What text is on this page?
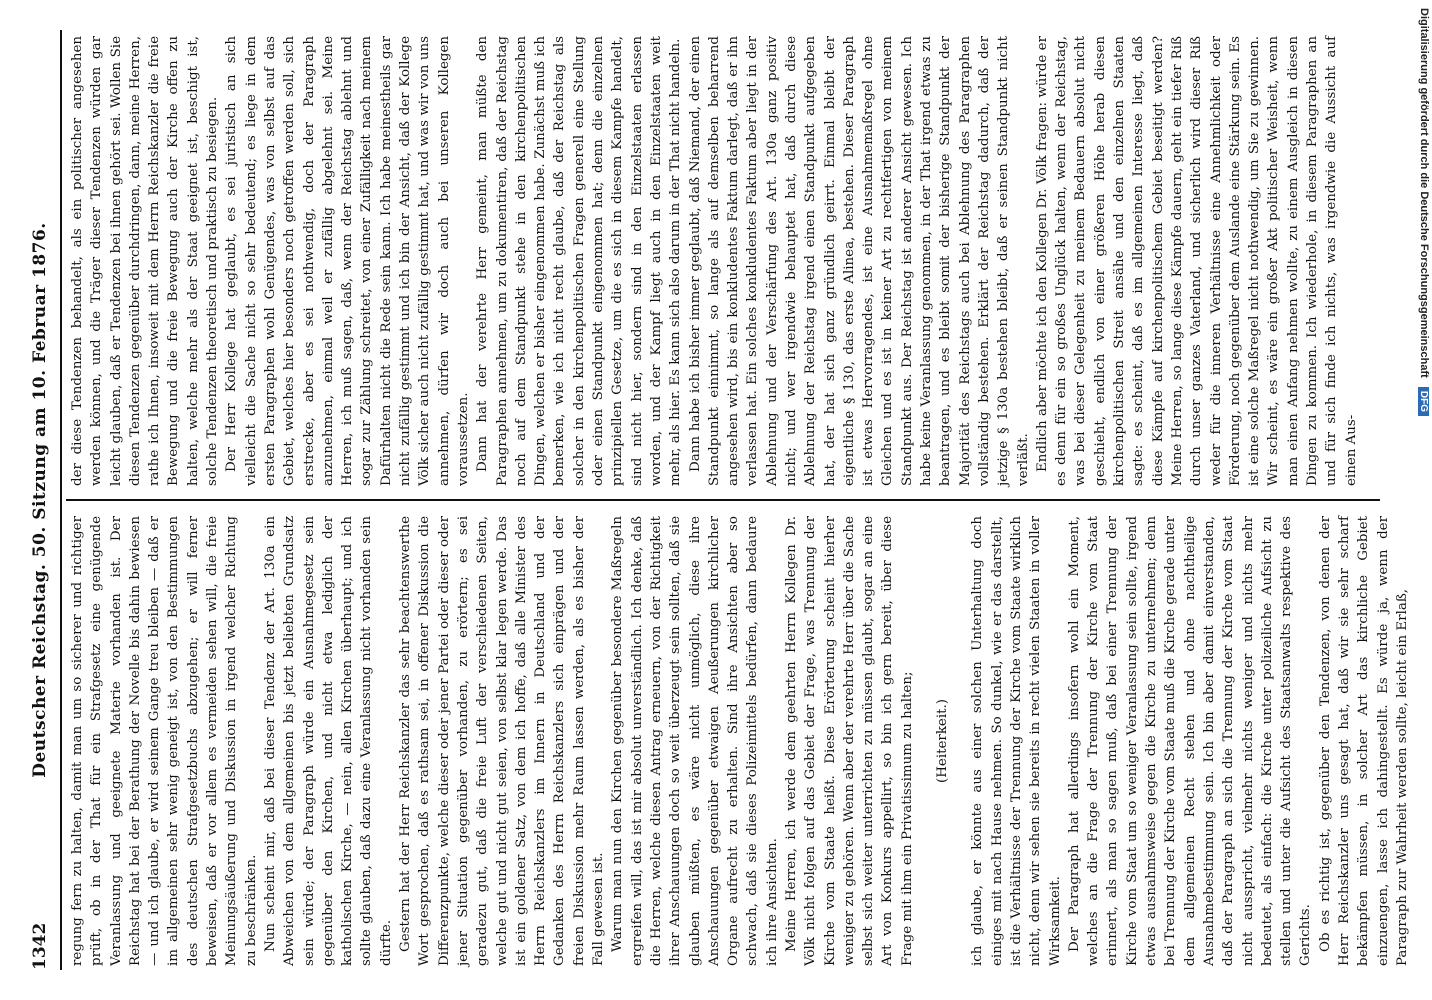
1342
Deutscher Reichstag. 50. Sitzung am 10. Februar 1876. regung fern zu halten, damit man um so sicherer und richtiger prüft, ob in der That für ein Strafgesetz eine genügende Veranlassung und geeignete Materie vorhanden ist. Der Reichstag hat bei der Berathung der Novelle bis dahin bewiesen — und ich glaube, er wird seinem Gange treu bleiben — daß er im allgemeinen sehr wenig geneigt ist, von den Bestimmungen des deutschen Strafgesetzbuchs abzugehen; er will ferner beweisen, daß er vor allem es vermeiden sehen will, die freie Meinungsäußerung und Diskussion in irgend welcher Richtung zu beschränken. Nun scheint mir, daß bei dieser Tendenz der Art. 130a ein Abweichen von dem allgemeinen bis jetzt beliebten Grundsatz sein würde; der Paragraph würde ein Ausnahmegesetz sein gegenüber den Kirchen, und nicht etwa lediglich der katholischen Kirche, — nein, allen Kirchen überhaupt; und ich sollte glauben, daß dazu eine Veranlassung nicht vorhanden sein dürfte. Gestern hat der Herr Reichskanzler das sehr beachtenswerthe Wort gesprochen, daß es rathsam sei, in offener Diskussion die Differenzpunkte, welche dieser oder jener Partei oder dieser oder jener Situation gegenüber vorhanden, zu erörtern; es sei geradezu gut, daß die freie Luft der verschiedenen Seiten, welche gut und nicht gut seien, von selbst klar legen werde. Das ist ein goldener Satz, von dem ich hoffe, daß alle Minister des Herrn Reichskanzlers im Innern in Deutschland und der Gedanken des Herrn Reichskanzlers sich einprägen und der freien Diskussion mehr Raum lassen werden, als es bisher der Fall gewesen ist. Warum man nun den Kirchen gegenüber besondere Maßregeln ergreifen will, das ist mir absolut unverständlich. Ich denke, daß die Herren, welche diesen Antrag erneuern, von der Richtigkeit ihrer Anschauungen doch so weit überzeugt sein sollten, daß sie glauben müßten, es wäre nicht unmöglich, diese ihre Anschauungen gegenüber etwaigen Aeußerungen kirchlicher Organe aufrecht zu erhalten. Sind ihre Ansichten aber so schwach, daß sie dieses Polizeimittels bedürfen, dann bedaure ich ihre Ansichten. Meine Herren, ich werde dem geehrten Herrn Kollegen Dr. Völk nicht folgen auf das Gebiet der Frage, was Trennung der Kirche vom Staate heißt. Diese Erörterung scheint hierher weniger zu gehören. Wenn aber der verehrte Herr über die Sache selbst sich weiter unterrichten zu müssen glaubt, sogar an eine Art von Konkurs appellirt, so bin ich gern bereit, über diese Frage mit ihm ein Privatissimum zu halten; (Heiterkeit.) ich glaube, er könnte aus einer solchen Unterhaltung doch einiges mit nach Hause nehmen. So dunkel, wie er das darstellt, ist die Verhältnisse der Trennung der Kirche vom Staate wirklich nicht, denn wir sehen sie bereits in recht vielen Staaten in voller Wirksamkeit. Der Paragraph hat allerdings insofern wohl ein Moment, welches an die Frage der Trennung der Kirche vom Staat erinnert, als man so sagen muß, daß bei einer Trennung der Kirche vom Staat um so weniger Veranlassung sein sollte, irgend etwas ausnahmsweise gegen die Kirche zu unternehmen; denn bei Trennung der Kirche vom Staate muß die Kirche gerade unter dem allgemeinen Recht stehen und ohne nachtheilige Ausnahmebestimmung sein. Ich bin aber damit einverstanden, daß der Paragraph an sich die Trennung der Kirche vom Staat nicht ausspricht, vielmehr nichts weniger und nichts mehr bedeutet, als einfach: die Kirche unter polizeiliche Aufsicht zu stellen und unter die Aufsicht des Staatsanwalts respektive des Gerichts. Ob es richtig ist, gegenüber den Tendenzen, von denen der Herr Reichskanzler uns gesagt hat, daß wir sie sehr scharf bekämpfen müssen, in solcher Art das kirchliche Gebiet einzuengen, lasse ich dahingestellt. Es würde ja, wenn der Paragraph zur Wahrheit werden sollte, leicht ein Erlaß,

der diese Tendenzen behandelt, als ein politischer angesehen werden können, und die Träger dieser Tendenzen würden gar leicht glauben, daß er Tendenzen bei ihnen gehört sei. Wollen Sie diesen Tendenzen gegenüber durchdringen, dann, meine Herren, rathe ich Ihnen, insoweit mit dem Herrn Reichskanzler die freie Bewegung und die freie Bewegung auch der Kirche offen zu halten, welche mehr als der Staat geeignet ist, beschigt ist, solche Tendenzen theoretisch und praktisch zu besiegen. Der Herr Kollege hat geglaubt, es sei juristisch an sich vielleicht die Sache nicht so sehr bedeutend; es liege in dem ersten Paragraphen wohl Genügendes, was von selbst auf das Gebiet, welches hier besonders noch getroffen werden soll, sich erstrecke, aber es sei nothwendig, doch der Paragraph anzunehmen, einmal weil er zufällig abgelehnt sei. Meine Herren, ich muß sagen, daß, wenn der Reichstag ablehnt und sogar zur Zählung schreitet, von einer Zufälligkeit nach meinem Dafürhalten nicht die Rede sein kann. Ich habe meinestheils gar nicht zufällig gestimmt und ich bin der Ansicht, daß der Kollege Völk sicher auch nicht zufällig gestimmt hat, und was wir von uns annehmen, dürfen wir doch auch bei unseren Kollegen voraussetzen. Dann hat der verehrte Herr gemeint, man müßte den Paragraphen annehmen, um zu dokumentiren, daß der Reichstag noch auf dem Standpunkt stehe in den kirchenpolitischen Dingen, welchen er bisher eingenommen habe. Zunächst muß ich bemerken, wie ich nicht recht glaube, daß der Reichstag als solcher in den kirchenpolitischen Fragen generell eine Stellung oder einen Standpunkt eingenommen hat; denn die einzelnen prinzipiellen Gesetze, um die es sich in diesem Kampfe handelt, sind nicht hier, sondern sind in den Einzelstaaten erlassen worden, und der Kampf liegt auch in den Einzelstaaten weit mehr, als hier. Es kann sich also darum in der That nicht handeln. Dann habe ich bisher immer geglaubt, daß Niemand, der einen Standpunkt einnimmt, so lange als auf demselben beharrend angesehen wird, bis ein konkludentes Faktum darlegt, daß er ihn verlassen hat. Ein solches konkludentes Faktum aber liegt in der Ablehnung und der Verschärfung des Art. 130a ganz positiv nicht; und wer irgendwie behauptet hat, daß durch diese Ablehnung der Reichstag irgend einen Standpunkt aufgegeben hat, der hat sich ganz gründlich geirrt. Einmal bleibt der eigentliche § 130, das erste Alinea, bestehen. Dieser Paragraph ist etwas Hervorragendes, ist eine Ausnahmemaßregel ohne Gleichen und es ist in keiner Art zu rechtfertigen von meinem Standpunkt aus. Der Reichstag ist anderer Ansicht gewesen. Ich habe keine Veranlassung genommen, in der That irgend etwas zu beantragen, und es bleibt somit der bisherige Standpunkt der Majorität des Reichstags auch bei Ablehnung des Paragraphen vollständig bestehen. Erklärt der Reichstag dadurch, daß der jetzige § 130a bestehen bleibt, daß er seinen Standpunkt nicht verläßt. Endlich aber möchte ich den Kollegen Dr. Völk fragen: würde er es denn für ein so großes Unglück halten, wenn der Reichstag, was bei dieser Gelegenheit zu meinem Bedauern absolut nicht geschieht, endlich von einer größeren Höhe herab diesen kirchenpolitischen Streit ansähe und den einzelnen Staaten sagte: es scheint, daß es im allgemeinen Interesse liegt, daß diese Kämpfe auf kirchenpolitischem Gebiet beseitigt werden? Meine Herren, so lange diese Kämpfe dauern, geht ein tiefer Riß durch unser ganzes Vaterland, und sicherlich wird dieser Riß weder für die inneren Verhältnisse eine Annehmlichkeit oder Förderung, noch gegenüber dem Auslande eine Stärkung sein. Es ist eine solche Maßregel nicht nothwendig, um Sie zu gewinnen. Wir scheint, es wäre ein großer Akt politischer Weisheit, wenn man einen Anfang nehmen wollte, zu einem Ausgleich in diesen Dingen zu kommen. Ich wiederhole, in diesem Paragraphen an und für sich finde ich nichts, was irgendwie die Aussicht auf einen Aus-

Digitalisierung gefördert durch die Deutsche Forschungsgemeinschaft DFG
